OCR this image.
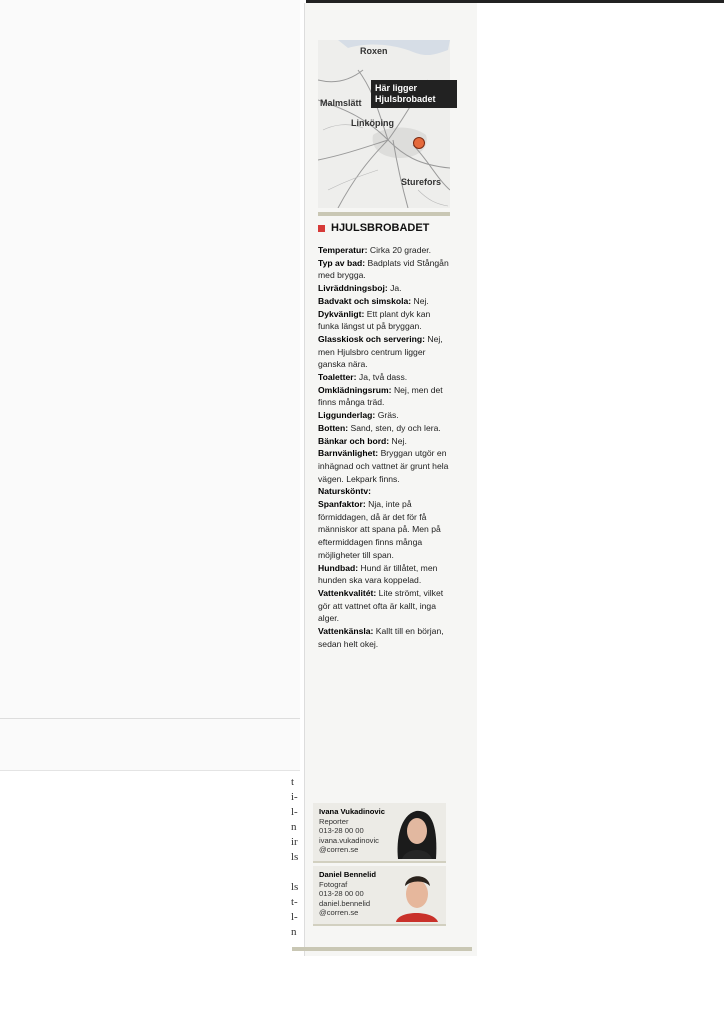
t
i-
l-
n
ir
ls
ls
t-
l-
n
Roxen
Malmslätt
Linköping
Sturefors
Här ligger
Hjulsbrobadet
HJULSBROBADET

Temperatur: Cirka 20 grader.

Typ av bad: Badplats vid Stångån med brygga.

Livräddningsboj: Ja.

Badvakt och simskola: Nej.

Dykvänligt: Ett plant dyk kan funka längst ut på bryggan.

Glasskiosk och servering: Nej, men Hjulsbro centrum ligger ganska nära.

Toaletter: Ja, två dass.

Omklädningsrum: Nej, men det finns många träd.

Liggunderlag: Gräs.

Botten: Sand, sten, dy och lera.

Bänkar och bord: Nej.

Barnvänlighet: Bryggan utgör en inhägnad och vattnet är grunt hela vägen. Lekpark finns.

Natursköntv:

Spanfaktor: Nja, inte på förmiddagen, då är det för få människor att spana på. Men på eftermiddagen finns många möjligheter till span.

Hundbad: Hund är tillåtet, men hunden ska vara koppelad.

Vattenkvalitét: Lite strömt, vilket gör att vattnet ofta är kallt, inga alger.

Vattenkänsla: Kallt till en början, sedan helt okej.

Ivana Vukadinovic
Reporter
013-28 00 00
ivana.vukadinovic
@corren.se
Daniel Bennelid
Fotograf
013-28 00 00
daniel.bennelid
@corren.se
